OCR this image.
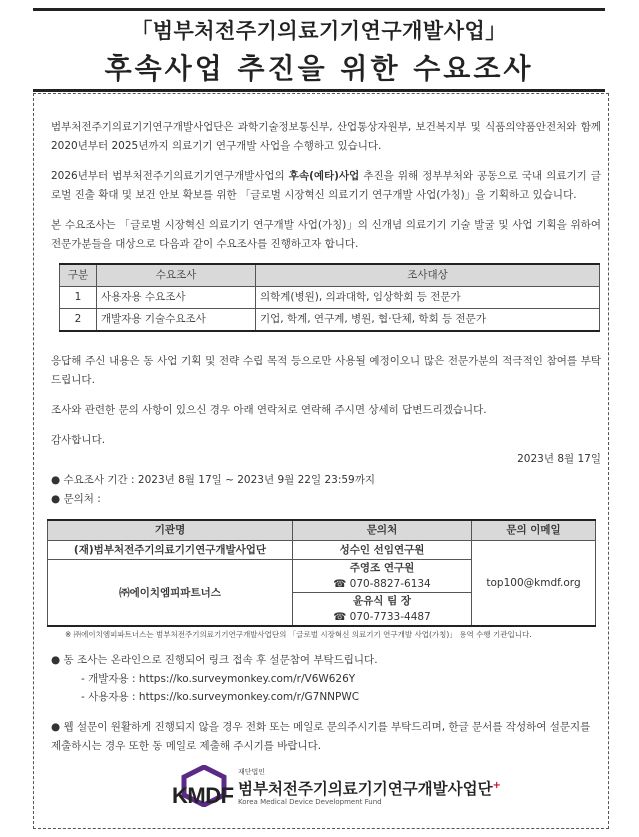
「범부처전주기의료기기연구개발사업」
후속사업 추진을 위한 수요조사

범부처전주기의료기기연구개발사업단은 과학기술정보통신부, 산업통상자원부, 보건복지부 및 식품의약품안전처와 함께 2020년부터 2025년까지 의료기기 연구개발 사업을 수행하고 있습니다.

2026년부터 범부처전주기의료기기연구개발사업의 후속(예타)사업 추진을 위해 정부부처와 공동으로 국내 의료기기 글로벌 진출 확대 및 보건 안보 확보를 위한 「글로벌 시장혁신 의료기기 연구개발 사업(가칭)」을 기획하고 있습니다.

본 수요조사는 「글로벌 시장혁신 의료기기 연구개발 사업(가칭)」의 신개념 의료기기 기술 발굴 및 사업 기획을 위하여 전문가분들을 대상으로 다음과 같이 수요조사를 진행하고자 합니다.

구분	수요조사	조사대상
1	사용자용 수요조사	의학계(병원), 의과대학, 임상학회 등 전문가
2	개발자용 기술수요조사	기업, 학계, 연구계, 병원, 협·단체, 학회 등 전문가

응답해 주신 내용은 동 사업 기획 및 전략 수립 목적 등으로만 사용될 예정이오니 많은 전문가분의 적극적인 참여를 부탁드립니다.

조사와 관련한 문의 사항이 있으신 경우 아래 연락처로 연락해 주시면 상세히 답변드리겠습니다.

감사합니다.

2023년 8월 17일
● 수요조사 기간 : 2023년 8월 17일 ~ 2023년 9월 22일 23:59까지
● 문의처 :
기관명	문의처	문의 이메일
(재)범부처전주기의료기기연구개발사업단	성수인 선임연구원	top100@kmdf.org
㈜에이치엠피파트너스	주영조 연구원
☎ 070-8827-6134	

	윤유식 팀 장
☎ 070-7733-4487	
※ ㈜에이치엠피파트너스는 범부처전주기의료기기연구개발사업단의 「글로벌 시장혁신 의료기기 연구개발 사업(가칭)」 용역 수행 기관입니다.
● 동 조사는 온라인으로 진행되어 링크 접속 후 설문참여 부탁드립니다.
- 개발자용 : https://ko.surveymonkey.com/r/V6W626Y
- 사용자용 : https://ko.surveymonkey.com/r/G7NNPWC
● 웹 설문이 원활하게 진행되지 않을 경우 전화 또는 메일로 문의주시기를 부탁드리며, 한글 문서를 작성하여 설문지를 제출하시는 경우 또한 동 메일로 제출해 주시기를 바랍니다.
KMDF
재단법인
범부처전주기의료기기연구개발사업단+
Korea Medical Device Development Fund
